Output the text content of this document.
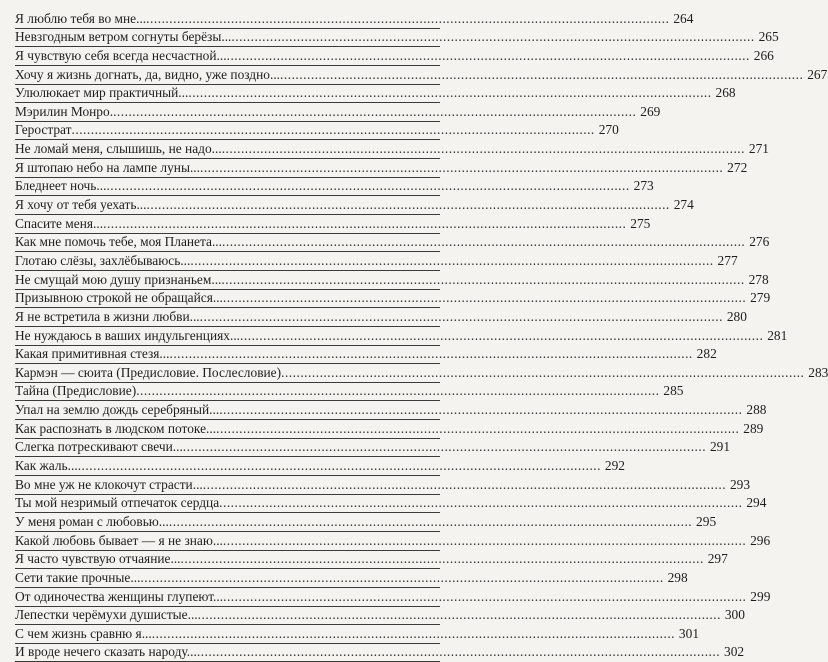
Я люблю тебя во мне... .....	264
Невзгодным ветром согнуты берёзы... .....	265
Я чувствую себя всегда несчастной... .....	266
Хочу я жизнь догнать, да, видно, уже поздно... .....	267
Улюлюкает мир практичный... .....	268
Мэрилин Монро. .....	269
Герострат .....	270
Не ломай меня, слышишь, не надо... .....	271
Я штопаю небо на лампе луны... .....	272
Бледнеет ночь... .....	273
Я хочу от тебя уехать... .....	274
Спасите меня... .....	275
Как мне помочь тебе, моя Планета... .....	276
Глотаю слёзы, захлёбываюсь... .....	277
Не смущай мою душу признаньем... .....	278
Призывною строкой не обращайся... .....	279
Я не встретила в жизни любви... .....	280
Не нуждаюсь в ваших индульгенциях... .....	281
Какая примитивная стезя... .....	282
Кармэн — сюита (Предисловие. Послесловие) .....	283
Тайна (Предисловие) .....	285
Упал на землю дождь серебряный... .....	288
Как распознать в людском потоке... .....	289
Слегка потрескивают свечи... .....	291
Как жаль... .....	292
Во мне уж не клокочут страсти... .....	293
Ты мой незримый отпечаток сердца .....	294
У меня роман с любовью... .....	295
Какой любовь бывает — я не знаю... .....	296
Я часто чувствую отчаяние... .....	297
Сети такие прочные... .....	298
От одиночества женщины глупеют... .....	299
Лепестки черёмухи душистые... .....	300
С чем жизнь сравню я... .....	301
И вроде нечего сказать народу... .....	302
